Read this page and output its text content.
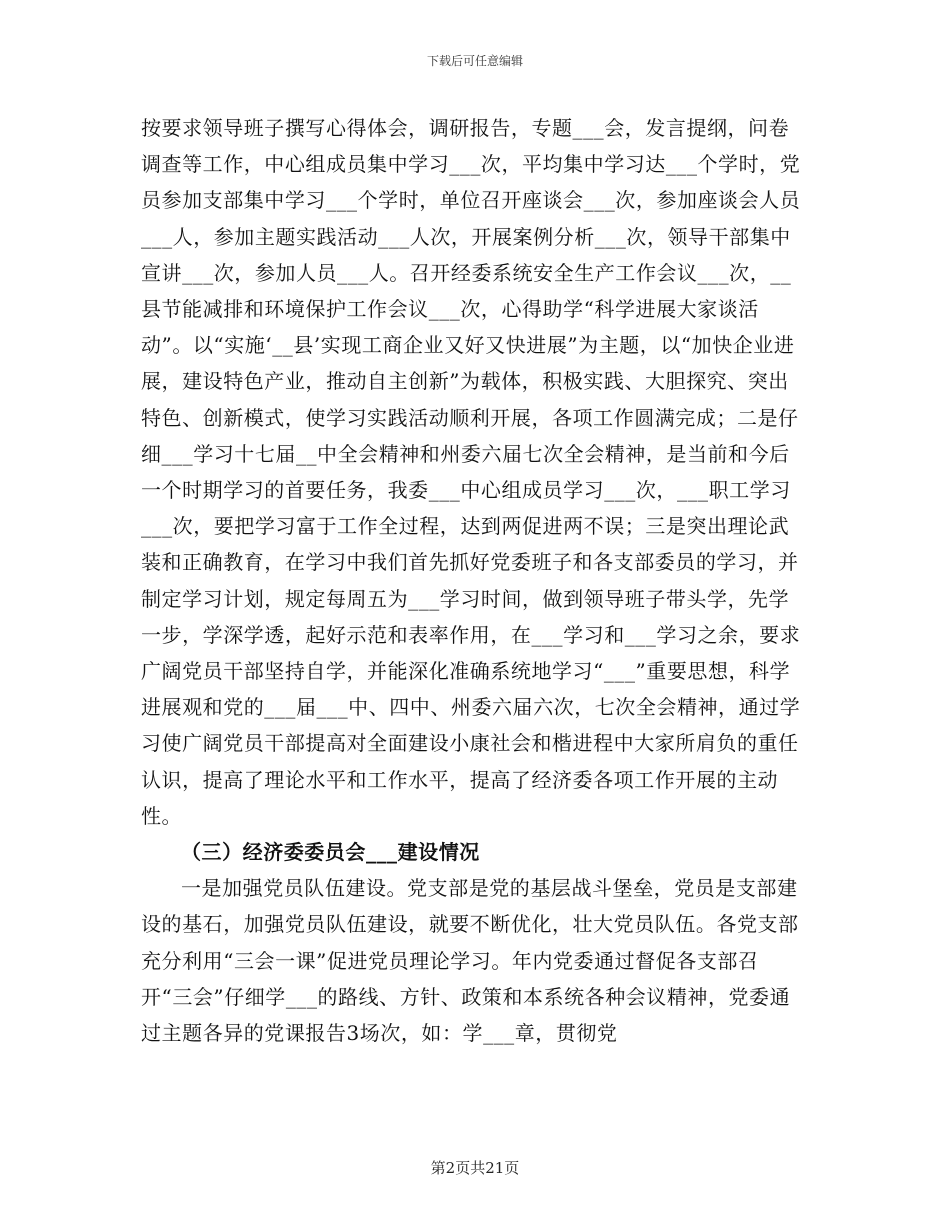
下载后可任意编辑

按要求领导班子撰写心得体会，调研报告，专题___会，发言提纲，问卷调查等工作，中心组成员集中学习___次，平均集中学习达___个学时，党员参加支部集中学习___个学时，单位召开座谈会___次，参加座谈会人员___人，参加主题实践活动___人次，开展案例分析___次，领导干部集中宣讲___次，参加人员___人。召开经委系统安全生产工作会议___次，__县节能减排和环境保护工作会议___次，心得助学“科学进展大家谈活动”。以“实施‘__县’实现工商企业又好又快进展”为主题，以“加快企业进展，建设特色产业，推动自主创新”为载体，积极实践、大胆探究、突出特色、创新模式，使学习实践活动顺利开展，各项工作圆满完成；二是仔细___学习十七届__中全会精神和州委六届七次全会精神，是当前和今后一个时期学习的首要任务，我委___中心组成员学习___次，___职工学习___次，要把学习富于工作全过程，达到两促进两不误；三是突出理论武装和正确教育，在学习中我们首先抓好党委班子和各支部委员的学习，并制定学习计划，规定每周五为___学习时间，做到领导班子带头学，先学一步，学深学透，起好示范和表率作用，在___学习和___学习之余，要求广阔党员干部坚持自学，并能深化准确系统地学习“___”重要思想，科学进展观和党的___届___中、四中、州委六届六次，七次全会精神，通过学习使广阔党员干部提高对全面建设小康社会和楷进程中大家所肩负的重任认识，提高了理论水平和工作水平，提高了经济委各项工作开展的主动性。

（三）经济委委员会___建设情况

一是加强党员队伍建设。党支部是党的基层战斗堡垒，党员是支部建设的基石，加强党员队伍建设，就要不断优化，壮大党员队伍。各党支部充分利用“三会一课”促进党员理论学习。年内党委通过督促各支部召开“三会”仔细学___的路线、方针、政策和本系统各种会议精神，党委通过主题各异的党课报告3场次，如：学___章，贯彻党

第2页共21页
